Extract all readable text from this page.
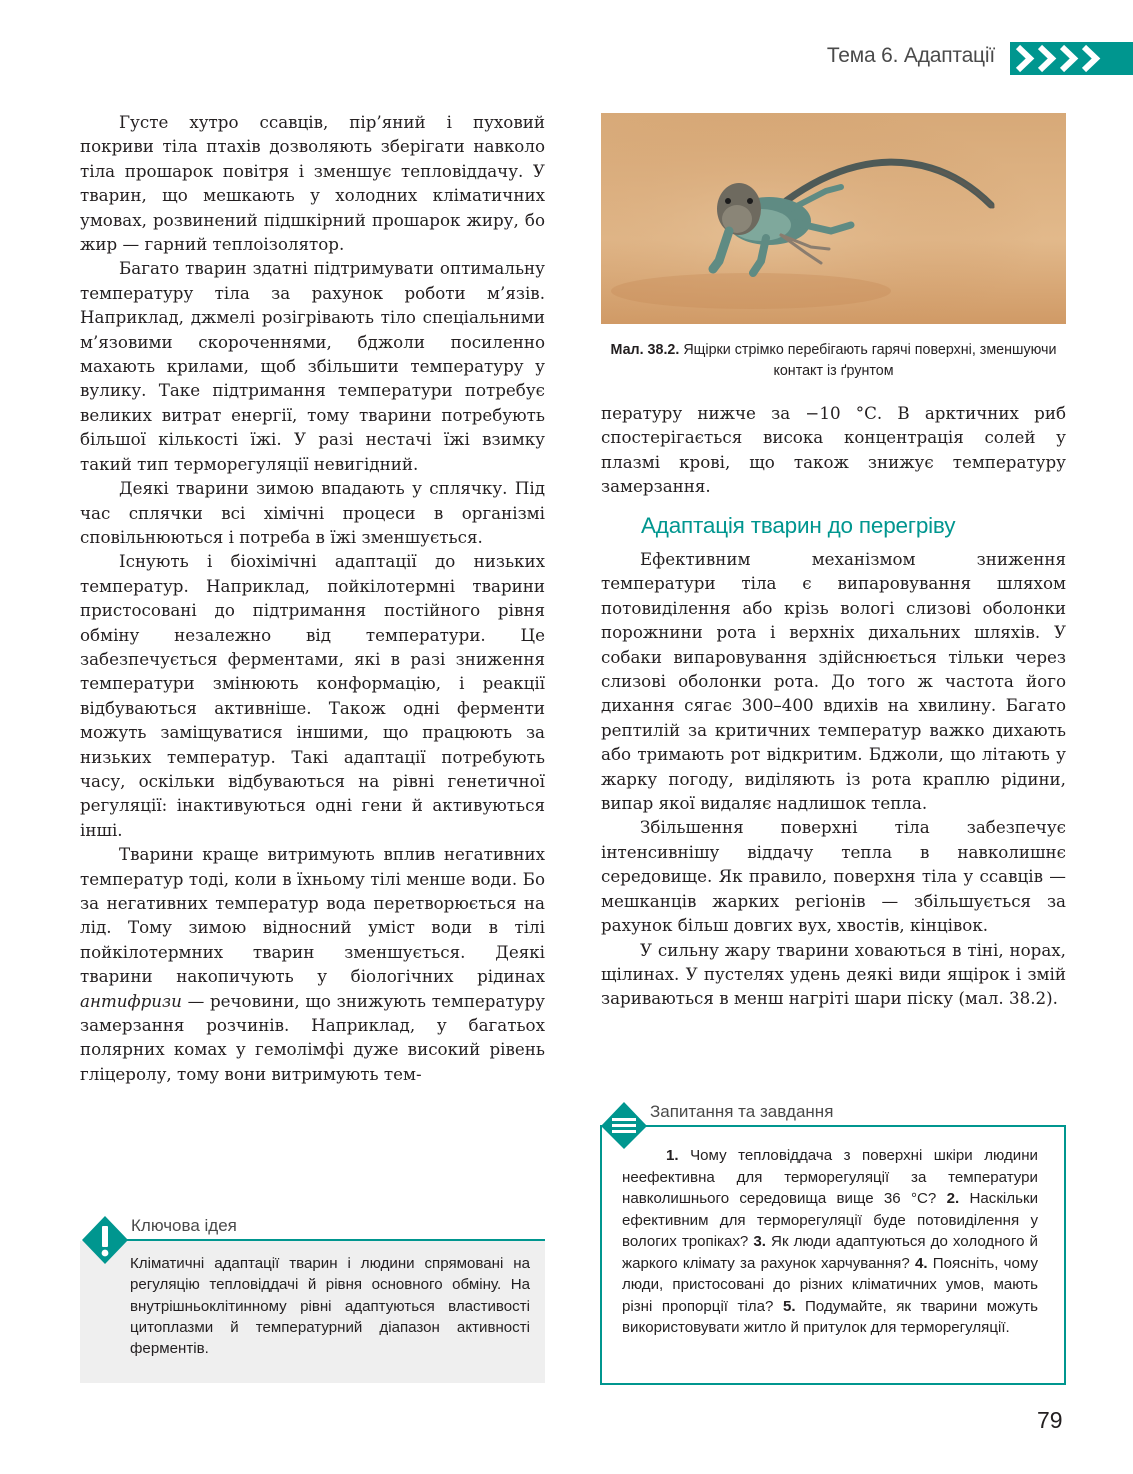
Тема 6. Адаптації

Густе хутро ссавців, пір’яний і пуховий покриви тіла птахів дозволяють зберігати навколо тіла прошарок повітря і зменшує тепловіддачу. У тварин, що мешкають у холодних кліматичних умовах, розвинений підшкірний прошарок жиру, бо жир — гарний теплоізолятор.

Багато тварин здатні підтримувати оптимальну температуру тіла за рахунок роботи м’язів. Наприклад, джмелі розігрівають тіло спеціальними м’язовими скороченнями, бджоли посиленно махають крилами, щоб збільшити температуру у вулику. Таке підтримання температури потребує великих витрат енергії, тому тварини потребують більшої кількості їжі. У разі нестачі їжі взимку такий тип терморегуляції невигідний.

Деякі тварини зимою впадають у сплячку. Під час сплячки всі хімічні процеси в організмі сповільнюються і потреба в їжі зменшується.

Існують і біохімічні адаптації до низьких температур. Наприклад, пойкілотермні тварини пристосовані до підтримання постійного рівня обміну незалежно від температури. Це забезпечується ферментами, які в разі зниження температури змінюють конформацію, і реакції відбуваються активніше. Також одні ферменти можуть заміщуватися іншими, що працюють за низьких температур. Такі адаптації потребують часу, оскільки відбуваються на рівні генетичної регуляції: інактивуються одні гени й активуються інші.

Тварини краще витримують вплив негативних температур тоді, коли в їхньому тілі менше води. Бо за негативних температур вода перетворюється на лід. Тому зимою відносний уміст води в тілі пойкілотермних тварин зменшується. Деякі тварини накопичують у біологічних рідинах антифризи — речовини, що знижують температуру замерзання розчинів. Наприклад, у багатьох полярних комах у гемолімфі дуже високий рівень гліцеролу, тому вони витримують тем-

Мал. 38.2. Ящірки стрімко перебігають гарячі поверхні, зменшуючи контакт із ґрунтом

пературу нижче за −10 °С. В арктичних риб спостерігається висока концентрація солей у плазмі крові, що також знижує температуру замерзання.

Адаптація тварин до перегріву

Ефективним механізмом зниження температури тіла є випаровування шляхом потовиділення або крізь вологі слизові оболонки порожнини рота і верхніх дихальних шляхів. У собаки випаровування здійснюється тільки через слизові оболонки рота. До того ж частота його дихання сягає 300–400 вдихів на хвилину. Багато рептилій за критичних температур важко дихають або тримають рот відкритим. Бджоли, що літають у жарку погоду, виділяють із рота краплю рідини, випар якої видаляє надлишок тепла.

Збільшення поверхні тіла забезпечує інтенсивнішу віддачу тепла в навколишнє середовище. Як правило, поверхня тіла у ссавців — мешканців жарких регіонів — збільшується за рахунок більш довгих вух, хвостів, кінцівок.

У сильну жару тварини ховаються в тіні, норах, щілинах. У пустелях удень деякі види ящірок і змій зариваються в менш нагріті шари піску (мал. 38.2).

Кліматичні адаптації тварин і людини спрямовані на регуляцію тепловіддачі й рівня основного обміну. На внутрішньоклітинному рівні адаптуються властивості цитоплазми й температурний діапазон активності ферментів.
Ключова ідея
1. Чому тепловіддача з поверхні шкіри людини неефективна для терморегуляції за температури навколишнього середовища вище 36 °С? 2. Наскільки ефективним для терморегуляції буде потовиділення у вологих тропіках? 3. Як люди адаптуються до холодного й жаркого клімату за рахунок харчування? 4. Поясніть, чому люди, пристосовані до різних кліматичних умов, мають різні пропорції тіла? 5. Подумайте, як тварини можуть використовувати житло й притулок для терморегуляції.
Запитання та завдання
79
